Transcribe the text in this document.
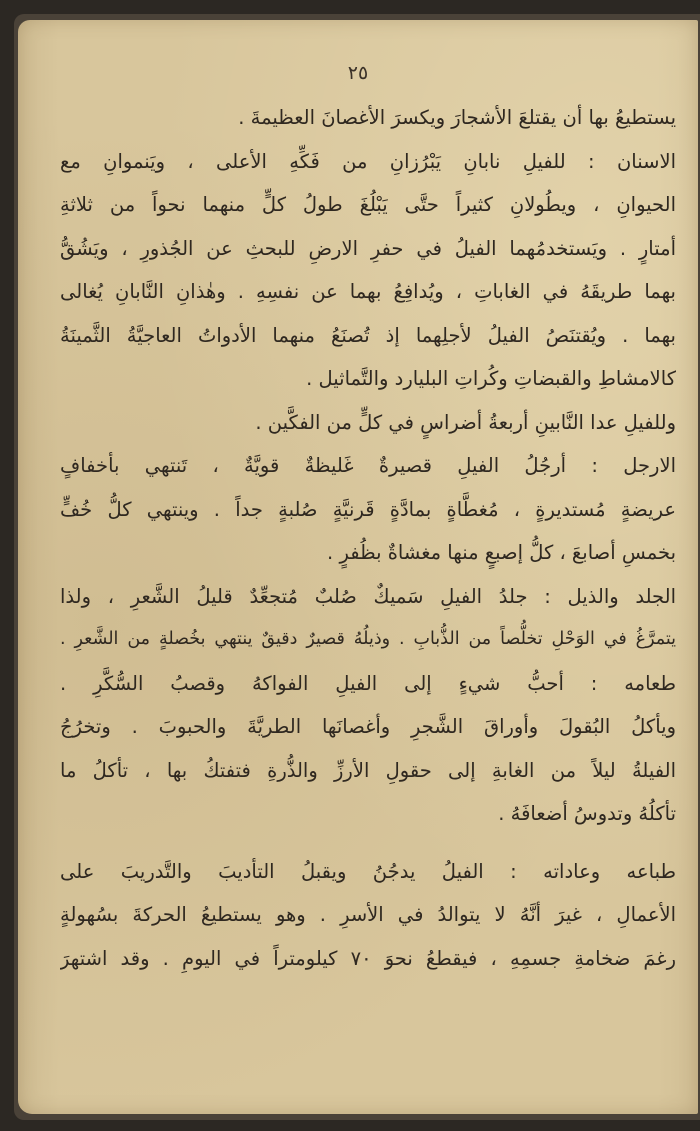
٢٥
يستطيعُ بها أن يقتلعَ الأشجارَ ويكسرَ الأغصانَ العظيمةَ .
الاسنان : للفيلِ نابانِ يَبْرُزانِ من فَكِّهِ الأعلى ، ويَنموانِ مع
الحيوانِ ، ويطُولانِ كثيراً حتَّى يَبْلُغَ طولُ كلٍّ منهما نحواً من ثلاثةِ
أمتارٍ . ويَستخدمُهما الفيلُ في حفرِ الارضِ للبحثِ عن الجُذورِ ، ويَشُقُّ
بهما طريقَهُ في الغاباتِ ، ويُدافِعُ بهما عن نفسِهِ . وهٰذانِ النَّابانِ يُغالى
بهما . ويُقتنَصُ الفيلُ لأجلِهما إذ تُصنَعُ منهما الأدواتُ العاجيَّةُ الثَّمينَةُ
كالامشاطِ والقبضاتِ وكُراتِ البليارد والتَّماثيل .
وللفيلِ عدا النَّابينِ أربعةُ أضراسٍ في كلٍّ من الفكَّين .
الارجل : أرجُلُ الفيلِ قصيرةٌ غَليظةٌ قويَّةٌ ، تَنتهي بأخفافٍ
عريضةٍ مُستديرةٍ ، مُغطَّاةٍ بمادَّةٍ قَرنيَّةٍ صُلبةٍ جداً . وينتهي كلُّ خُفٍّ
بخمسِ أصابعَ ، كلُّ إصبعٍ منها مغشاةٌ بظُفرٍ .
الجلد والذيل : جلدُ الفيلِ سَميكٌ صُلبٌ مُتجعِّدٌ قليلُ الشَّعرِ ، ولذا
يتمرَّغُ في الوَحْلِ تخلُّصاً من الذُّبابِ . وذيلُهُ قصيرٌ دقيقٌ ينتهي بخُصلةٍ من الشَّعرِ .
طعامه : أحبُّ شيءٍ إلى الفيلِ الفواكهُ وقصبُ السُّكَّرِ .
ويأكلُ البُقولَ وأوراقَ الشَّجرِ وأغصانَها الطريَّةَ والحبوبَ . وتخرُجُ
الفيلةُ ليلاً من الغابةِ إلى حقولِ الأرزِّ والذُّرةِ فتفتكُ بها ، تأكلُ ما
تأكلُهُ وتدوسُ أضعافَهُ .
طباعه وعاداته : الفيلُ يدجُنُ ويقبلُ التأديبَ والتَّدريبَ على
الأعمالِ ، غيرَ أنَّهُ لا يتوالدُ في الأسرِ . وهو يستطيعُ الحركةَ بسُهولةٍ
رغمَ ضخامةِ جسمِهِ ، فيقطعُ نحوَ ٧٠ كيلومتراً في اليومِ . وقد اشتهرَ
